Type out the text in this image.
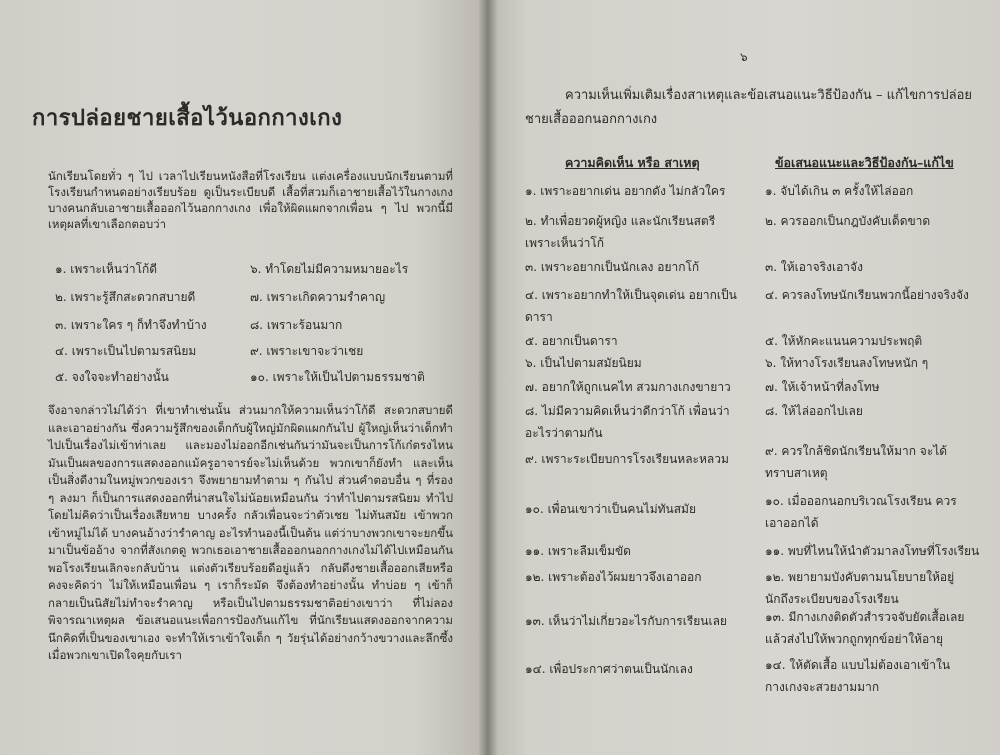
การปล่อยชายเสื้อไว้นอกกางเกง
นักเรียนโดยทั่ว ๆ ไป เวลาไปเรียนหนังสือที่โรงเรียน แต่งเครื่องแบบนักเรียนตามที่โรงเรียนกำหนดอย่างเรียบร้อย ดูเป็นระเบียบดี เสื้อที่สวมก็เอาชายเสื้อไว้ในกางเกง บางคนกลับเอาชายเสื้อออกไว้นอกกางเกง เพื่อให้ผิดแผกจากเพื่อน ๆ ไป พวกนี้มีเหตุผลที่เขาเลือกตอบว่า
๑. เพราะเห็นว่าโก้ดี
๒. เพราะรู้สึกสะดวกสบายดี
๓. เพราะใคร ๆ ก็ทำจึงทำบ้าง
๔. เพราะเป็นไปตามรสนิยม
๕. จงใจจะทำอย่างนั้น
๖. ทำโดยไม่มีความหมายอะไร
๗. เพราะเกิดความรำคาญ
๘. เพราะร้อนมาก
๙. เพราะเขาจะว่าเชย
๑๐. เพราะให้เป็นไปตามธรรมชาติ
จึงอาจกล่าวไม่ได้ว่า ที่เขาทำเช่นนั้น ส่วนมากให้ความเห็นว่าโก้ดี สะดวกสบายดี และเอาอย่างกัน ซึ่งความรู้สึกของเด็กกับผู้ใหญ่มักผิดแผกกันไป ผู้ใหญ่เห็นว่าเด็กทำไปเป็นเรื่องไม่เข้าท่าเลย และมองไม่ออกอีกเช่นกันว่ามันจะเป็นการโก้เก๋ตรงไหน มันเป็นผลของการแสดงออกแม้ครูอาจารย์จะไม่เห็นด้วย พวกเขาก็ยังทำ และเห็นเป็นสิ่งดีงามในหมู่พวกของเรา จึงพยายามทำตาม ๆ กันไป ส่วนคำตอบอื่น ๆ ที่รอง ๆ ลงมา ก็เป็นการแสดงออกที่น่าสนใจไม่น้อยเหมือนกัน ว่าทำไปตามรสนิยม ทำไปโดยไม่คิดว่าเป็นเรื่องเสียหาย บางครั้ง กลัวเพื่อนจะว่าตัวเชย ไม่ทันสมัย เข้าพวกเข้าหมู่ไม่ได้ บางคนอ้างว่ารำคาญ อะไรทำนองนี้เป็นต้น แต่ว่าบางพวกเขาจะยกขึ้นมาเป็นข้ออ้าง จากที่สังเกตดู พวกเธอเอาชายเสื้อออกนอกกางเกงไม่ได้ไปเหมือนกัน พอโรงเรียนเลิกจะกลับบ้าน แต่งตัวเรียบร้อยดีอยู่แล้ว กลับดึงชายเสื้อออกเสียหรือคงจะคิดว่า ไม่ให้เหมือนเพื่อน ๆ เราก็ระมัด จึงต้องทำอย่างนั้น ทำบ่อย ๆ เข้าก็กลายเป็นนิสัยไม่ทำจะรำคาญ หรือเป็นไปตามธรรมชาติอย่างเขาว่า ที่ไม่ลองพิจารณาเหตุผล ข้อเสนอแนะเพื่อการป้องกันแก้ไข ที่นักเรียนแสดงออกจากความนึกคิดที่เป็นของเขาเอง จะทำให้เราเข้าใจเด็ก ๆ วัยรุ่นได้อย่างกว้างขวางและลึกซึ้ง เมื่อพวกเขาเปิดใจคุยกับเรา
๖
ความเห็นเพิ่มเติมเรื่องสาเหตุและข้อเสนอแนะวิธีป้องกัน – แก้ไขการปล่อย
ชายเสื้อออกนอกกางเกง
ความคิดเห็น หรือ สาเหตุ	ข้อเสนอแนะและวิธีป้องกัน–แก้ไข
๑. เพราะอยากเด่น อยากดัง ไม่กลัวใคร
๒. ทำเพื่อยวดผู้หญิง และนักเรียนสตรีเพราะเห็นว่าโก้
๓. เพราะอยากเป็นนักเลง อยากโก้
๔. เพราะอยากทำให้เป็นจุดเด่น อยากเป็นดารา
๕. อยากเป็นดารา
๖. เป็นไปตามสมัยนิยม
๗. อยากให้ถูกเนคไท สวมกางเกงขายาว
๘. ไม่มีความคิดเห็นว่าดีกว่าโก้ เพื่อนว่าอะไรว่าตามกัน
๙. เพราะระเบียบการโรงเรียนหละหลวม
๑๐. เพื่อนเขาว่าเป็นคนไม่ทันสมัย
๑๑. เพราะลืมเข็มขัด
๑๒. เพราะต้องไว้ผมยาวจึงเอาออก
๑๓. เห็นว่าไม่เกี่ยวอะไรกับการเรียนเลย
๑๔. เพื่อประกาศว่าตนเป็นนักเลง
๑. จับได้เกิน ๓ ครั้งให้ไล่ออก
๒. ควรออกเป็นกฎบังคับเด็ดขาด
๓. ให้เอาจริงเอาจัง
๔. ควรลงโทษนักเรียนพวกนี้อย่างจริงจัง
๕. ให้หักคะแนนความประพฤติ
๖. ให้ทางโรงเรียนลงโทษหนัก ๆ
๗. ให้เจ้าหน้าที่ลงโทษ
๘. ให้ไล่ออกไปเลย
๙. ควรใกล้ชิดนักเรียนให้มาก จะได้ทราบสาเหตุ
๑๐. เมื่อออกนอกบริเวณโรงเรียน ควรเอาออกได้
๑๑. พบที่ไหนให้นำตัวมาลงโทษที่โรงเรียน
๑๒. พยายามบังคับตามนโยบายให้อยู่ นักถึงระเบียบของโรงเรียน
๑๓. มีกางเกงติดตัวสำรวจจับยัดเสื้อเลย แล้วส่งไปให้พวกถูกทุกข์อย่าให้อายุ
๑๔. ให้ตัดเสื้อ แบบไม่ต้องเอาเข้าในกางเกงจะสวยงามมาก
